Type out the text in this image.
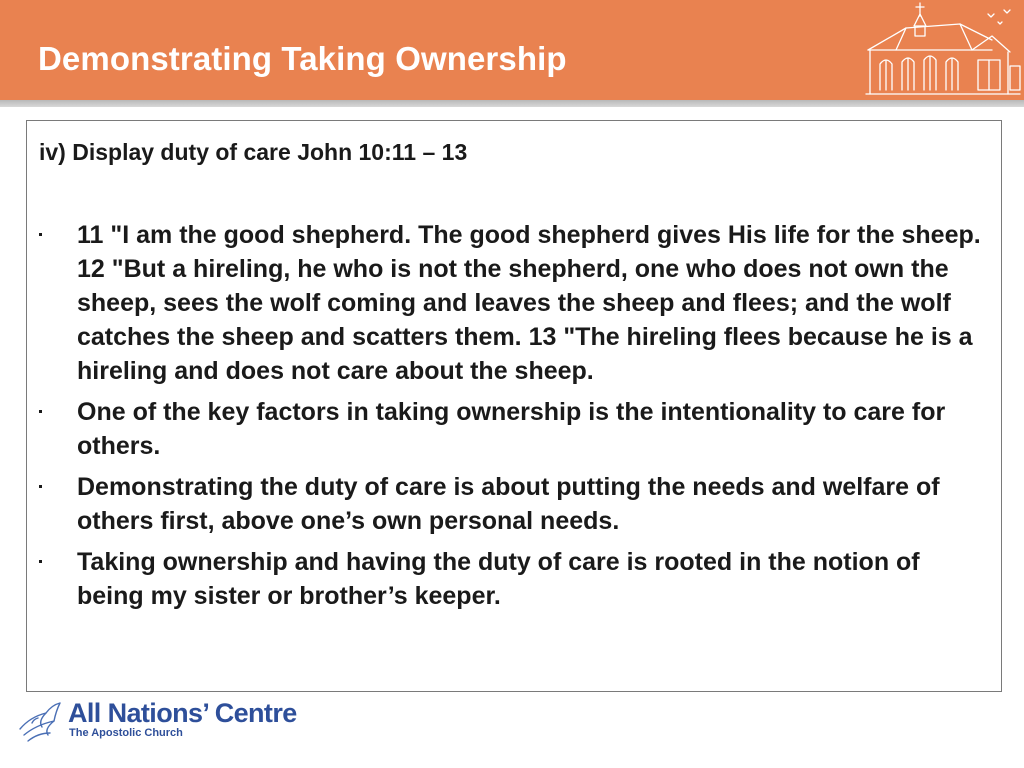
Demonstrating Taking Ownership
iv) Display duty of care John 10:11 – 13
11 "I am the good shepherd. The good shepherd gives His life for the sheep. 12 "But a hireling, he who is not the shepherd, one who does not own the sheep, sees the wolf coming and leaves the sheep and flees; and the wolf catches the sheep and scatters them. 13 "The hireling flees because he is a hireling and does not care about the sheep.
One of the key factors in taking ownership is the intentionality to care for others.
Demonstrating the duty of care is about putting the needs and welfare of others first, above one’s own personal needs.
Taking ownership and having the duty of care is rooted in the notion of being my sister or brother’s keeper.
All Nations’ Centre
The Apostolic Church
